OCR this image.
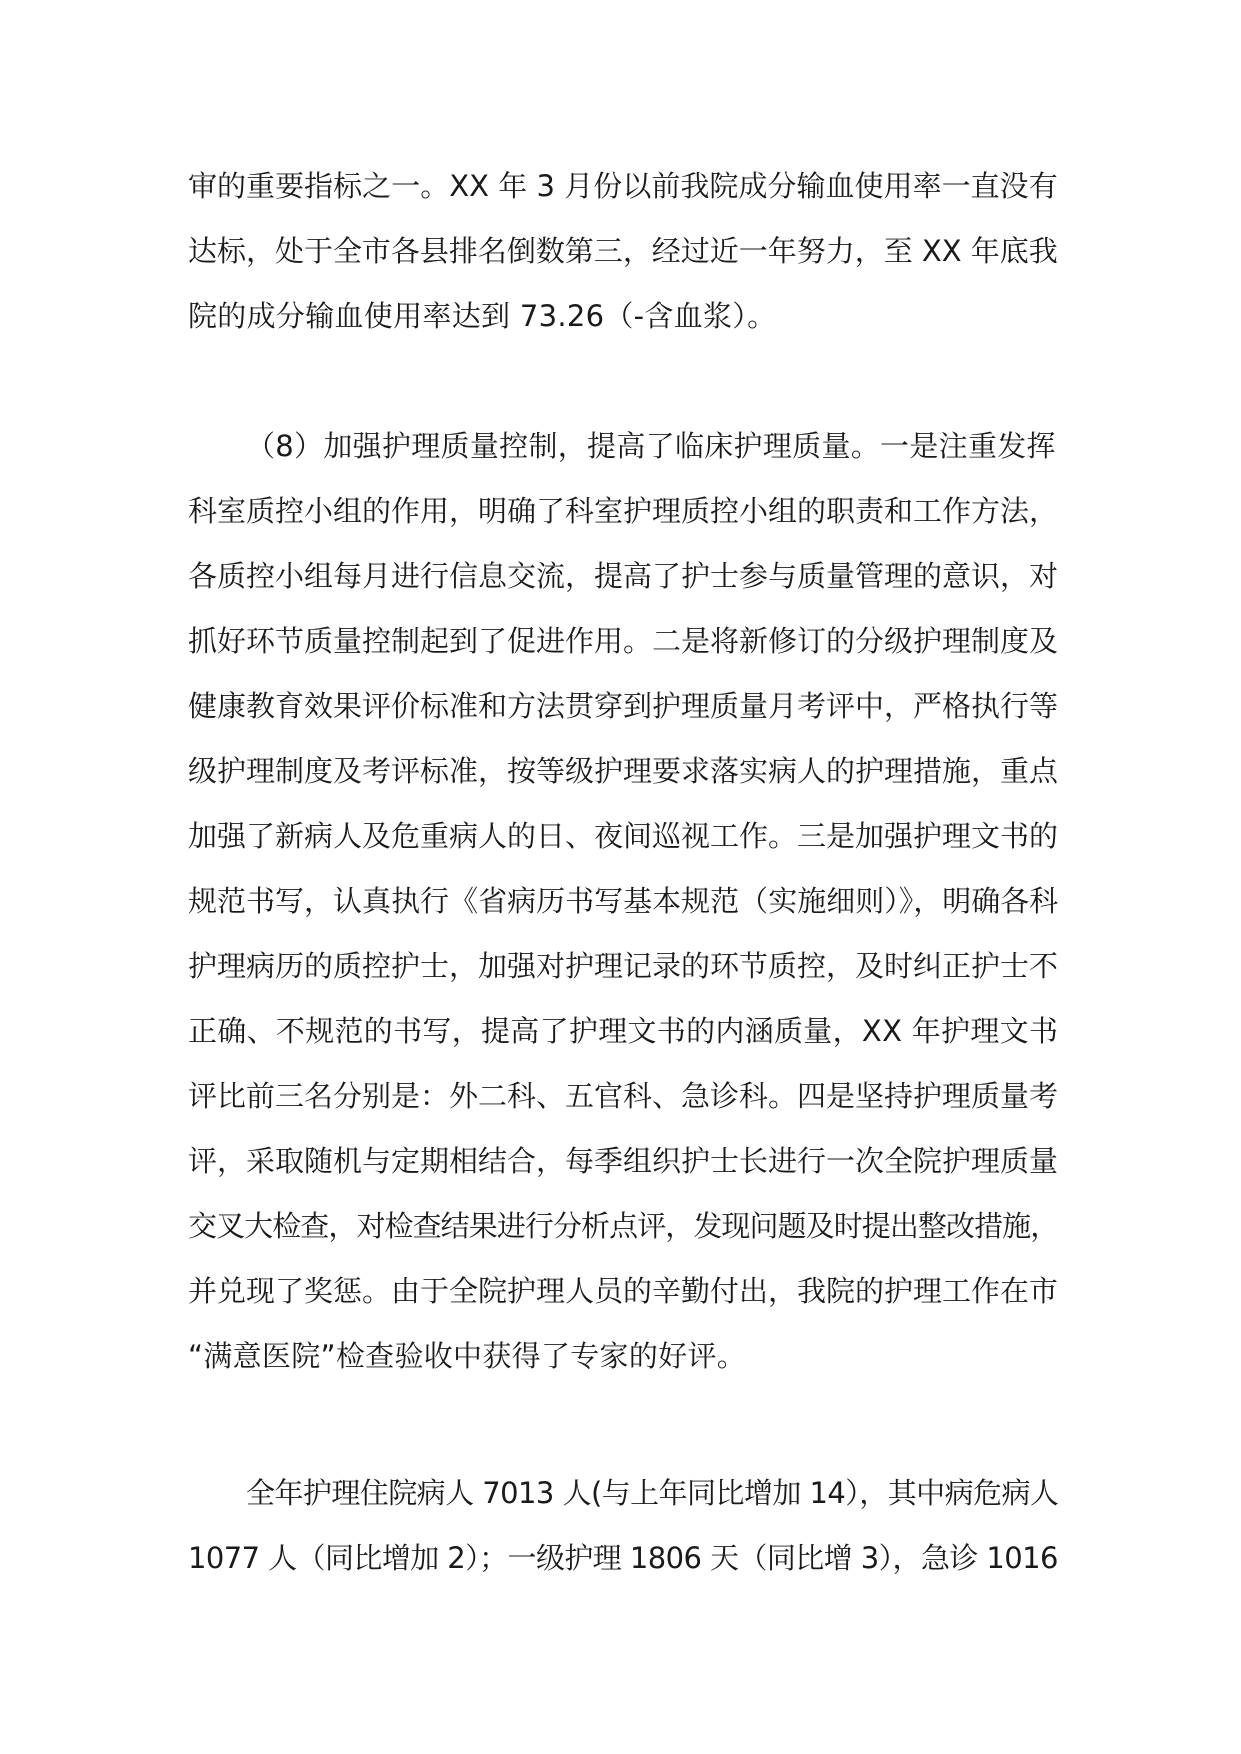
审的重要指标之一。XX 年 3 月份以前我院成分输血使用率一直没有
达标，处于全市各县排名倒数第三，经过近一年努力，至 XX 年底我
院的成分输血使用率达到 73.26（-含血浆）。
（8）加强护理质量控制，提高了临床护理质量。一是注重发挥
科室质控小组的作用，明确了科室护理质控小组的职责和工作方法，
各质控小组每月进行信息交流，提高了护士参与质量管理的意识，对
抓好环节质量控制起到了促进作用。二是将新修订的分级护理制度及
健康教育效果评价标准和方法贯穿到护理质量月考评中，严格执行等
级护理制度及考评标准，按等级护理要求落实病人的护理措施，重点
加强了新病人及危重病人的日、夜间巡视工作。三是加强护理文书的
规范书写，认真执行《省病历书写基本规范（实施细则）》，明确各科
护理病历的质控护士，加强对护理记录的环节质控，及时纠正护士不
正确、不规范的书写，提高了护理文书的内涵质量，XX 年护理文书
评比前三名分别是：外二科、五官科、急诊科。四是坚持护理质量考
评，采取随机与定期相结合，每季组织护士长进行一次全院护理质量
交叉大检查，对检查结果进行分析点评，发现问题及时提出整改措施，
并兑现了奖惩。由于全院护理人员的辛勤付出，我院的护理工作在市
“满意医院”检查验收中获得了专家的好评。
全年护理住院病人 7013 人(与上年同比增加 14），其中病危病人
1077 人（同比增加 2）；一级护理 1806 天（同比增 3），急诊 1016
